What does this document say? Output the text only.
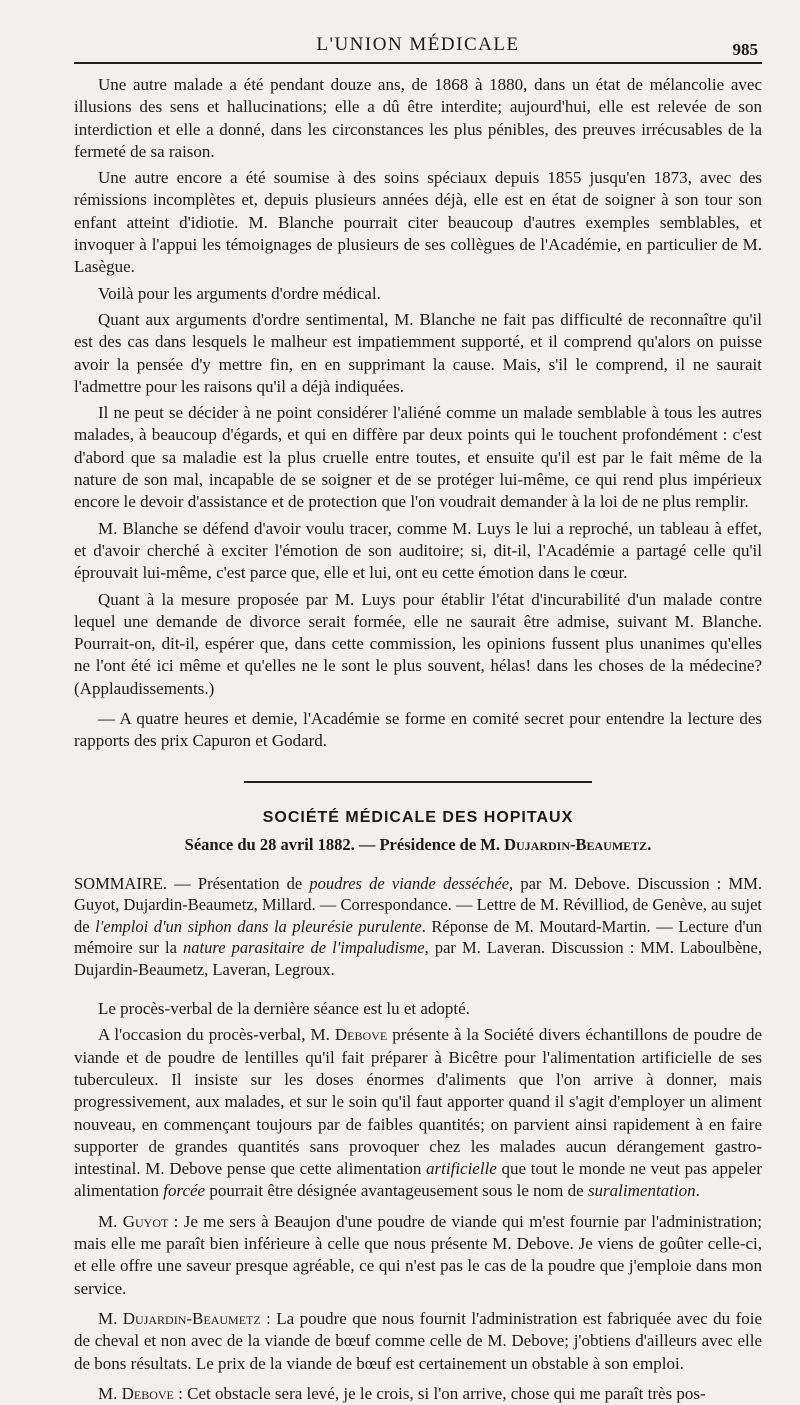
L'UNION MÉDICALE	985

Une autre malade a été pendant douze ans, de 1868 à 1880, dans un état de mélancolie avec illusions des sens et hallucinations; elle a dû être interdite; aujourd'hui, elle est relevée de son interdiction et elle a donné, dans les circonstances les plus pénibles, des preuves irrécusables de la fermeté de sa raison.

Une autre encore a été soumise à des soins spéciaux depuis 1855 jusqu'en 1873, avec des rémissions incomplètes et, depuis plusieurs années déjà, elle est en état de soigner à son tour son enfant atteint d'idiotie. M. Blanche pourrait citer beaucoup d'autres exemples semblables, et invoquer à l'appui les témoignages de plusieurs de ses collègues de l'Académie, en particulier de M. Lasègue.

Voilà pour les arguments d'ordre médical.

Quant aux arguments d'ordre sentimental, M. Blanche ne fait pas difficulté de reconnaître qu'il est des cas dans lesquels le malheur est impatiemment supporté, et il comprend qu'alors on puisse avoir la pensée d'y mettre fin, en en supprimant la cause. Mais, s'il le comprend, il ne saurait l'admettre pour les raisons qu'il a déjà indiquées.

Il ne peut se décider à ne point considérer l'aliéné comme un malade semblable à tous les autres malades, à beaucoup d'égards, et qui en diffère par deux points qui le touchent profondément : c'est d'abord que sa maladie est la plus cruelle entre toutes, et ensuite qu'il est par le fait même de la nature de son mal, incapable de se soigner et de se protéger lui-même, ce qui rend plus impérieux encore le devoir d'assistance et de protection que l'on voudrait demander à la loi de ne plus remplir.

M. Blanche se défend d'avoir voulu tracer, comme M. Luys le lui a reproché, un tableau à effet, et d'avoir cherché à exciter l'émotion de son auditoire; si, dit-il, l'Académie a partagé celle qu'il éprouvait lui-même, c'est parce que, elle et lui, ont eu cette émotion dans le cœur.

Quant à la mesure proposée par M. Luys pour établir l'état d'incurabilité d'un malade contre lequel une demande de divorce serait formée, elle ne saurait être admise, suivant M. Blanche. Pourrait-on, dit-il, espérer que, dans cette commission, les opinions fussent plus unanimes qu'elles ne l'ont été ici même et qu'elles ne le sont le plus souvent, hélas! dans les choses de la médecine? (Applaudissements.)

— A quatre heures et demie, l'Académie se forme en comité secret pour entendre la lecture des rapports des prix Capuron et Godard.

SOCIÉTÉ MÉDICALE DES HOPITAUX
Séance du 28 avril 1882. — Présidence de M. Dujardin-Beaumetz.

SOMMAIRE. — Présentation de poudres de viande desséchée, par M. Debove. Discussion : MM. Guyot, Dujardin-Beaumetz, Millard. — Correspondance. — Lettre de M. Révilliod, de Genève, au sujet de l'emploi d'un siphon dans la pleurésie purulente. Réponse de M. Moutard-Martin. — Lecture d'un mémoire sur la nature parasitaire de l'impaludisme, par M. Laveran. Discussion : MM. Laboulbène, Dujardin-Beaumetz, Laveran, Legroux.

Le procès-verbal de la dernière séance est lu et adopté.

A l'occasion du procès-verbal, M. Debove présente à la Société divers échantillons de poudre de viande et de poudre de lentilles qu'il fait préparer à Bicêtre pour l'alimentation artificielle de ses tuberculeux. Il insiste sur les doses énormes d'aliments que l'on arrive à donner, mais progressivement, aux malades, et sur le soin qu'il faut apporter quand il s'agit d'employer un aliment nouveau, en commençant toujours par de faibles quantités; on parvient ainsi rapidement à en faire supporter de grandes quantités sans provoquer chez les malades aucun dérangement gastro-intestinal. M. Debove pense que cette alimentation artificielle que tout le monde ne veut pas appeler alimentation forcée pourrait être désignée avantageusement sous le nom de suralimentation.

M. Guyot : Je me sers à Beaujon d'une poudre de viande qui m'est fournie par l'administration; mais elle me paraît bien inférieure à celle que nous présente M. Debove. Je viens de goûter celle-ci, et elle offre une saveur presque agréable, ce qui n'est pas le cas de la poudre que j'emploie dans mon service.

M. Dujardin-Beaumetz : La poudre que nous fournit l'administration est fabriquée avec du foie de cheval et non avec de la viande de bœuf comme celle de M. Debove; j'obtiens d'ailleurs avec elle de bons résultats. Le prix de la viande de bœuf est certainement un obstable à son emploi.

M. Debove : Cet obstacle sera levé, je le crois, si l'on arrive, chose qui me paraît très pos-
